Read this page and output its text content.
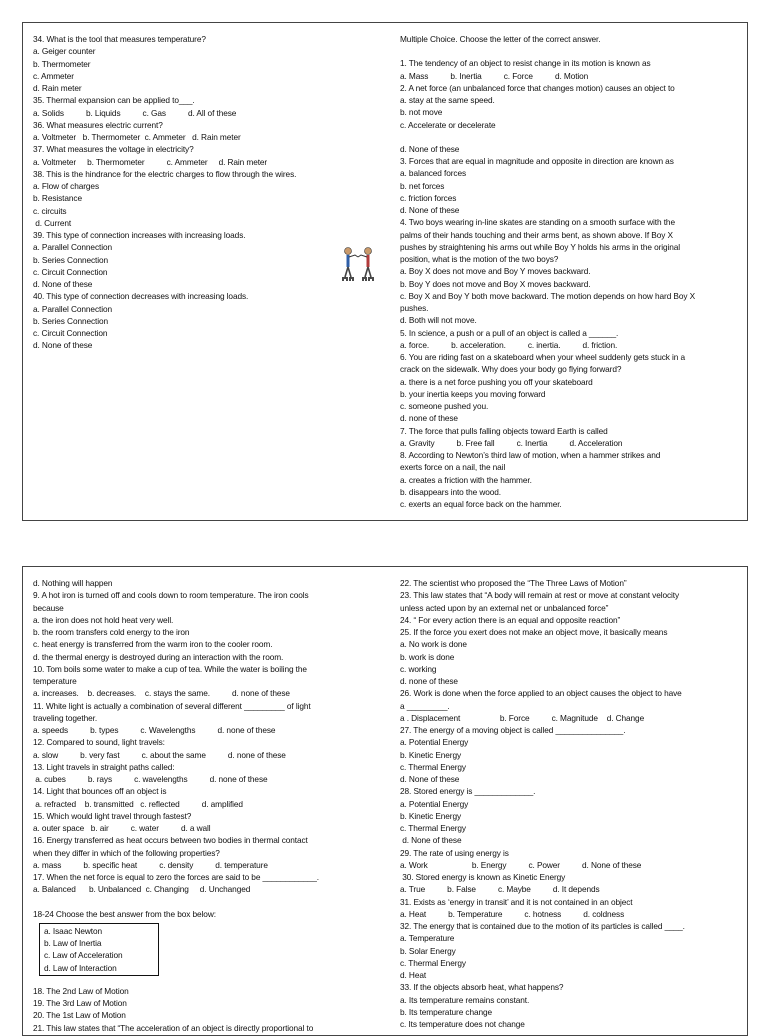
34. What is the tool that measures temperature?
a. Geiger counter
b. Thermometer
c. Ammeter
d. Rain meter
35. Thermal expansion can be applied to___.
a. Solids          b. Liquids          c. Gas          d. All of these
36. What measures electric current?
a. Voltmeter   b. Thermometer  c. Ammeter   d. Rain meter
37. What measures the voltage in electricity?
a. Voltmeter     b. Thermometer          c. Ammeter     d. Rain meter
38. This is the hindrance for the electric charges to flow through the wires.
a. Flow of charges
b. Resistance
c. circuits
d. Current
39. This type of connection increases with increasing loads.
a. Parallel Connection
b. Series Connection
c. Circuit Connection
d. None of these
40. This type of connection decreases with increasing loads.
a. Parallel Connection
b. Series Connection
c. Circuit Connection
d. None of these
Multiple Choice. Choose the letter of the correct answer.
1. The tendency of an object to resist change in its motion is known as
a. Mass          b. Inertia          c. Force          d. Motion
2. A net force (an unbalanced force that changes motion) causes an object to
a. stay at the same speed.
b. not move
c. Accelerate or decelerate
d. None of these
3. Forces that are equal in magnitude and opposite in direction are known as
a. balanced forces
b. net forces
c. friction forces
d. None of these
4. Two boys wearing in-line skates are standing on a smooth surface with the
palms of their hands touching and their arms bent, as shown above. If Boy X
pushes by straightening his arms out while Boy Y holds his arms in the original
position, what is the motion of the two boys?
a. Boy X does not move and Boy Y moves backward.
b. Boy Y does not move and Boy X moves backward.
c. Boy X and Boy Y both move backward. The motion depends on how hard Boy X
pushes.
d. Both will not move.
5. In science, a push or a pull of an object is called a ______.
a. force.          b. acceleration.          c. inertia.          d. friction.
6. You are riding fast on a skateboard when your wheel suddenly gets stuck in a
crack on the sidewalk. Why does your body go flying forward?
a. there is a net force pushing you off your skateboard
b. your inertia keeps you moving forward
c. someone pushed you.
d. none of these
7. The force that pulls falling objects toward Earth is called
a. Gravity          b. Free fall          c. Inertia          d. Acceleration
8. According to Newton’s third law of motion, when a hammer strikes and
exerts force on a nail, the nail
a. creates a friction with the hammer.
b. disappears into the wood.
c. exerts an equal force back on the hammer.
d. Nothing will happen
9. A hot iron is turned off and cools down to room temperature. The iron cools
because
a. the iron does not hold heat very well.
b. the room transfers cold energy to the iron
c. heat energy is transferred from the warm iron to the cooler room.
d. the thermal energy is destroyed during an interaction with the room.
10. Tom boils some water to make a cup of tea. While the water is boiling the
temperature
a. increases.    b. decreases.    c. stays the same.          d. none of these
11. White light is actually a combination of several different _________ of light
traveling together.
a. speeds          b. types          c. Wavelengths          d. none of these
12. Compared to sound, light travels:
a. slow          b. very fast          c. about the same          d. none of these
13. Light travels in straight paths called:
a. cubes          b. rays          c. wavelengths          d. none of these
14. Light that bounces off an object is
a. refracted    b. transmitted   c. reflected          d. amplified
15. Which would light travel through fastest?
a. outer space   b. air          c. water          d. a wall
16. Energy transferred as heat occurs between two bodies in thermal contact
when they differ in which of the following properties?
a. mass          b. specific heat          c. density          d. temperature
17. When the net force is equal to zero the forces are said to be ____________.
a. Balanced      b. Unbalanced  c. Changing     d. Unchanged
18-24 Choose the best answer from the box below:
a. Isaac Newton
b. Law of Inertia
c. Law of Acceleration
d. Law of Interaction
18. The 2nd Law of Motion
19. The 3rd Law of Motion
20. The 1st Law of Motion
21. This law states that “The acceleration of an object is directly proportional to
22. The scientist who proposed the “The Three Laws of Motion”
23. This law states that “A body will remain at rest or move at constant velocity
unless acted upon by an external net or unbalanced force”
24. “ For every action there is an equal and opposite reaction”
25. If the force you exert does not make an object move, it basically means
a. No work is done
b. work is done
c. working
d. none of these
26. Work is done when the force applied to an object causes the object to have
a _________.
a . Displacement                  b. Force          c. Magnitude    d. Change
27. The energy of a moving object is called _______________.
a. Potential Energy
b. Kinetic Energy
c. Thermal Energy
d. None of these
28. Stored energy is _____________.
a. Potential Energy
b. Kinetic Energy
c. Thermal Energy
d. None of these
29. The rate of using energy is
a. Work                    b. Energy          c. Power          d. None of these
30. Stored energy is known as Kinetic Energy
a. True          b. False          c. Maybe          d. It depends
31. Exists as ‘energy in transit’ and it is not contained in an object
a. Heat          b. Temperature          c. hotness          d. coldness
32. The energy that is contained due to the motion of its particles is called ____.
a. Temperature
b. Solar Energy
c. Thermal Energy
d. Heat
33. If the objects absorb heat, what happens?
a. Its temperature remains constant.
b. Its temperature change
c. Its temperature does not change
